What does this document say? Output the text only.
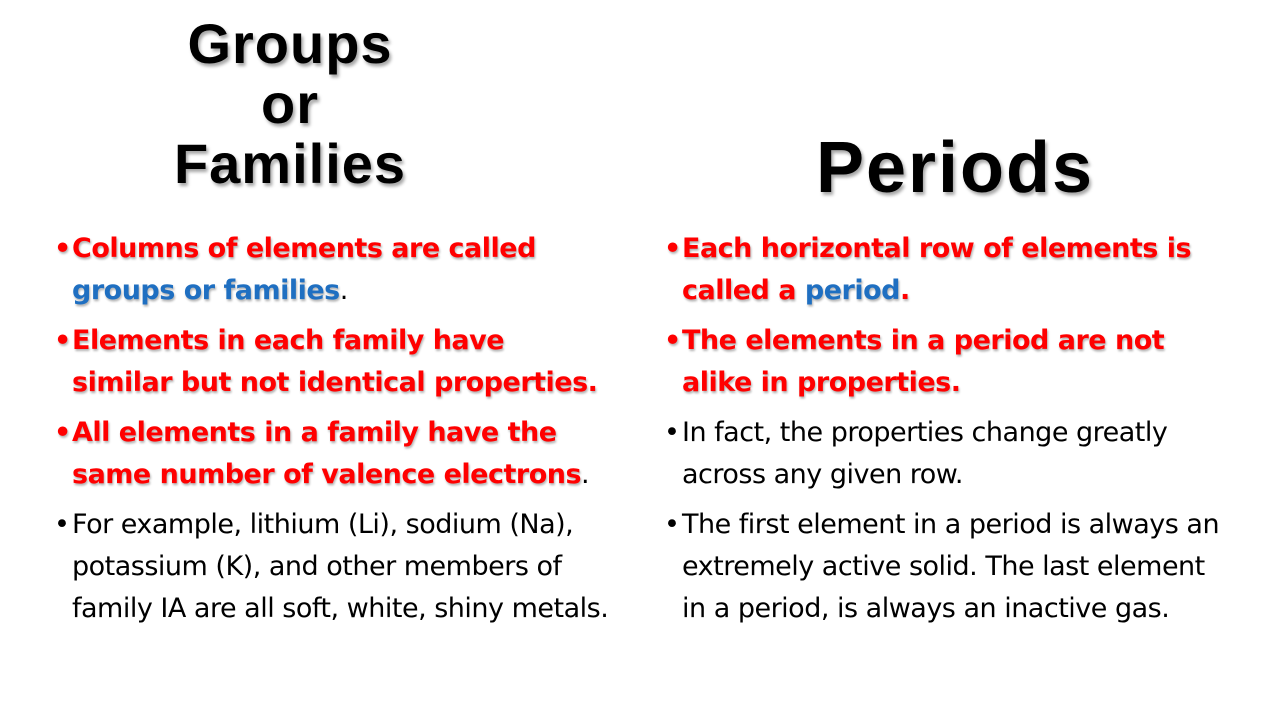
Groups
or
Families	Periods
• Columns of elements are called groups or families.
• Elements in each family have similar but not identical properties.
• All elements in a family have the same number of valence electrons.
• For example, lithium (Li), sodium (Na), potassium (K), and other members of family IA are all soft, white, shiny metals.
• Each horizontal row of elements is called a period.
• The elements in a period are not alike in properties.
• In fact, the properties change greatly across any given row.
• The first element in a period is always an extremely active solid. The last element in a period, is always an inactive gas.
